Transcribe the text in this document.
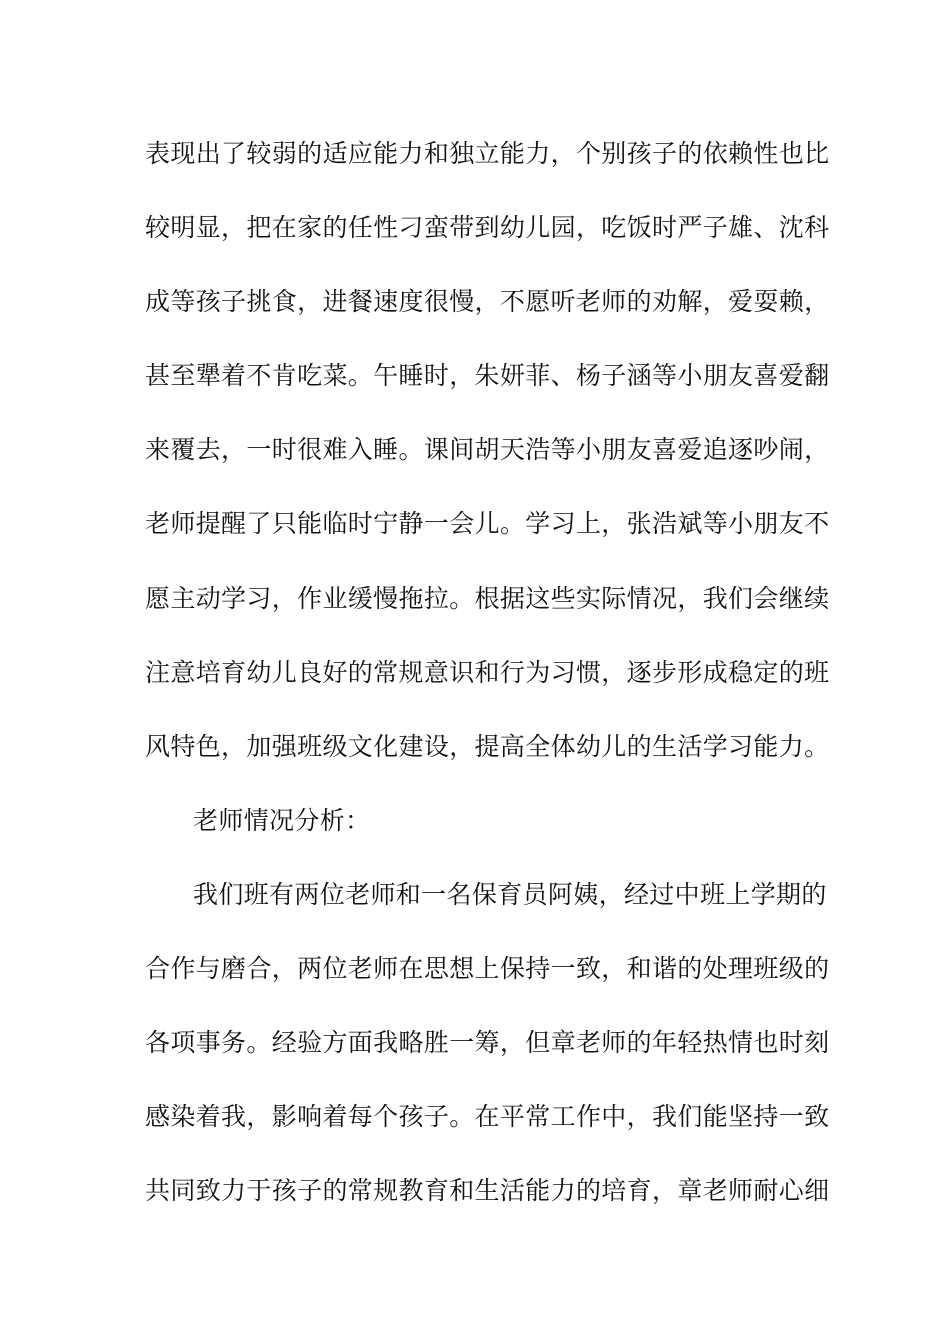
表现出了较弱的适应能力和独立能力，个别孩子的依赖性也比
较明显，把在家的任性刁蛮带到幼儿园，吃饭时严子雄、沈科
成等孩子挑食，进餐速度很慢，不愿听老师的劝解，爱耍赖，
甚至犟着不肯吃菜。午睡时，朱妍菲、杨子涵等小朋友喜爱翻
来覆去，一时很难入睡。课间胡天浩等小朋友喜爱追逐吵闹，
老师提醒了只能临时宁静一会儿。学习上，张浩斌等小朋友不
愿主动学习，作业缓慢拖拉。根据这些实际情况，我们会继续
注意培育幼儿良好的常规意识和行为习惯，逐步形成稳定的班
风特色，加强班级文化建设，提高全体幼儿的生活学习能力。
老师情况分析：
我们班有两位老师和一名保育员阿姨，经过中班上学期的
合作与磨合，两位老师在思想上保持一致，和谐的处理班级的
各项事务。经验方面我略胜一筹，但章老师的年轻热情也时刻
感染着我，影响着每个孩子。在平常工作中，我们能坚持一致
共同致力于孩子的常规教育和生活能力的培育，章老师耐心细
